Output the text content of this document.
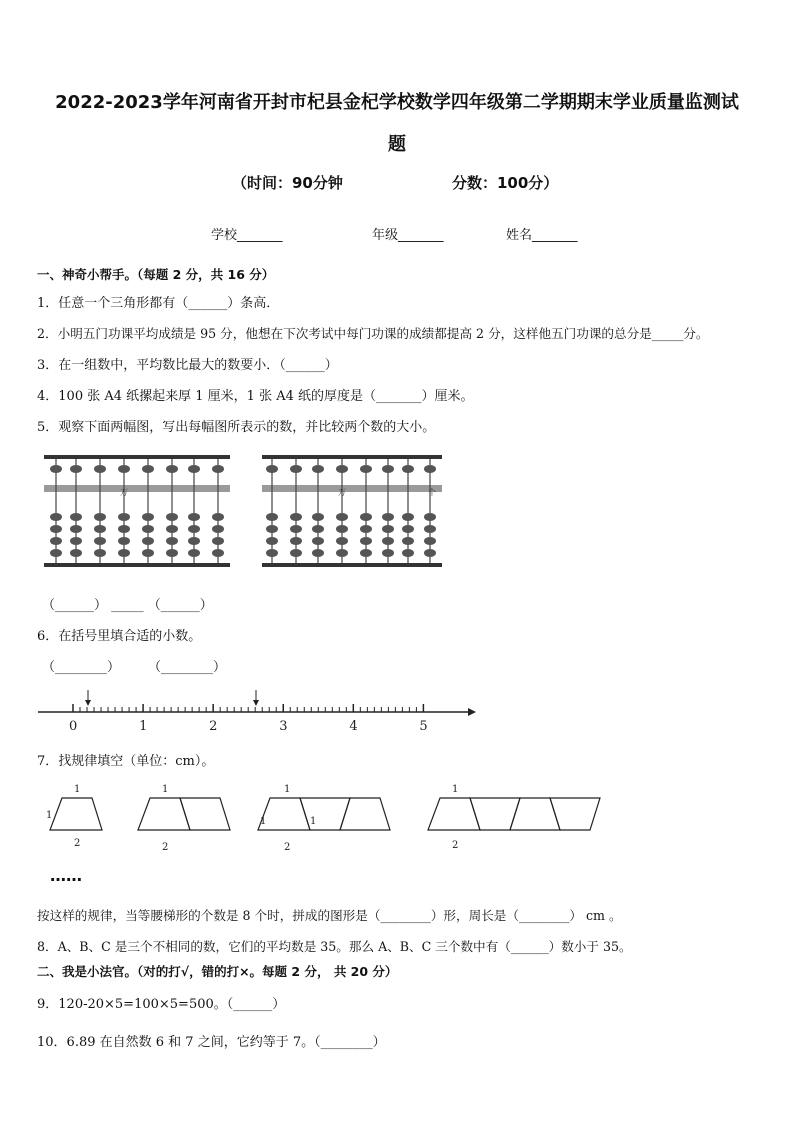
2022-2023学年河南省开封市杞县金杞学校数学四年级第二学期期末学业质量监测试
题
（时间：90分钟	分数：100分）
学校_______	年级_______	姓名_______
一、神奇小帮手。（每题 2 分，共 16 分）
1．任意一个三角形都有（______）条高．
2．小明五门功课平均成绩是 95 分，他想在下次考试中每门功课的成绩都提高 2 分，这样他五门功课的总分是_____分。
3．在一组数中，平均数比最大的数要小．（______）
4．100 张 A4 纸摞起来厚 1 厘米，1 张 A4 纸的厚度是（_______）厘米。
5．观察下面两幅图，写出每幅图所表示的数，并比较两个数的大小。
万	万	个
（______） _____ （______）
6．在括号里填合适的小数。
（________） （________）
0	1	2	3	4	5
7．找规律填空（单位：cm）。
1
1
2
1
2
1
1	1
2
1
2
……
按这样的规律，当等腰梯形的个数是 8 个时，拼成的图形是（________）形，周长是（________） cm 。
8．A、B、C 是三个不相同的数，它们的平均数是 35。那么 A、B、C 三个数中有（______）数小于 35。
二、我是小法官。（对的打√，错的打×。每题 2 分， 共 20 分）
9．120-20×5=100×5=500。（______）
10．6.89 在自然数 6 和 7 之间，它约等于 7。（________）
